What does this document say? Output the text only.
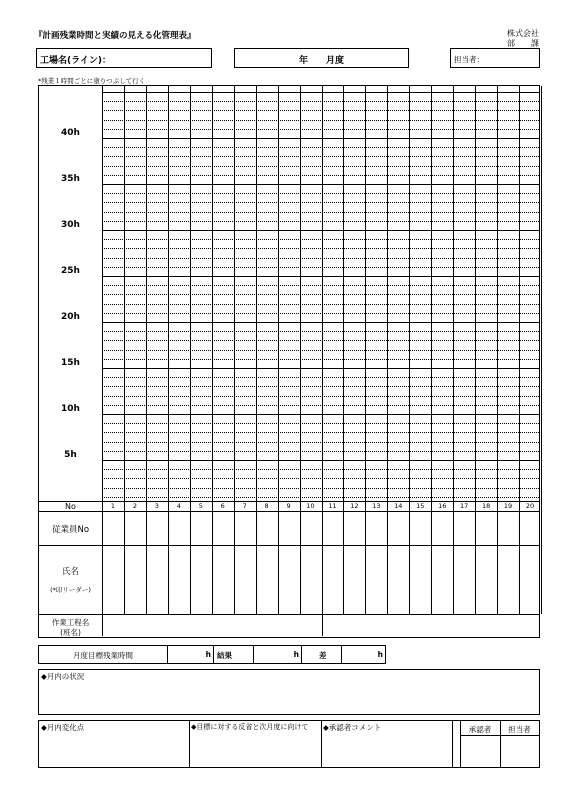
『計画残業時間と実績の見える化管理表』	株式会社
部　　課
工場名(ライン)：	年　　月度	担当者：
*残業１時間ごとに塗りつぶして行く
40h
35h
30h
25h
20h
15h
10h
5h
No	1	2	3	4	5	6	7	8	9	10	11	12	13	14	15	16	17	18	19	20
従業員No
氏名
(*印リーダー)
作業工程名
(班名)
月度目標残業時間	h 結果	h	差	h
◆月内の状況
◆月内変化点	◆目標に対する反省と次月度に向けて ◆承認者コメント	承認者	担当者
